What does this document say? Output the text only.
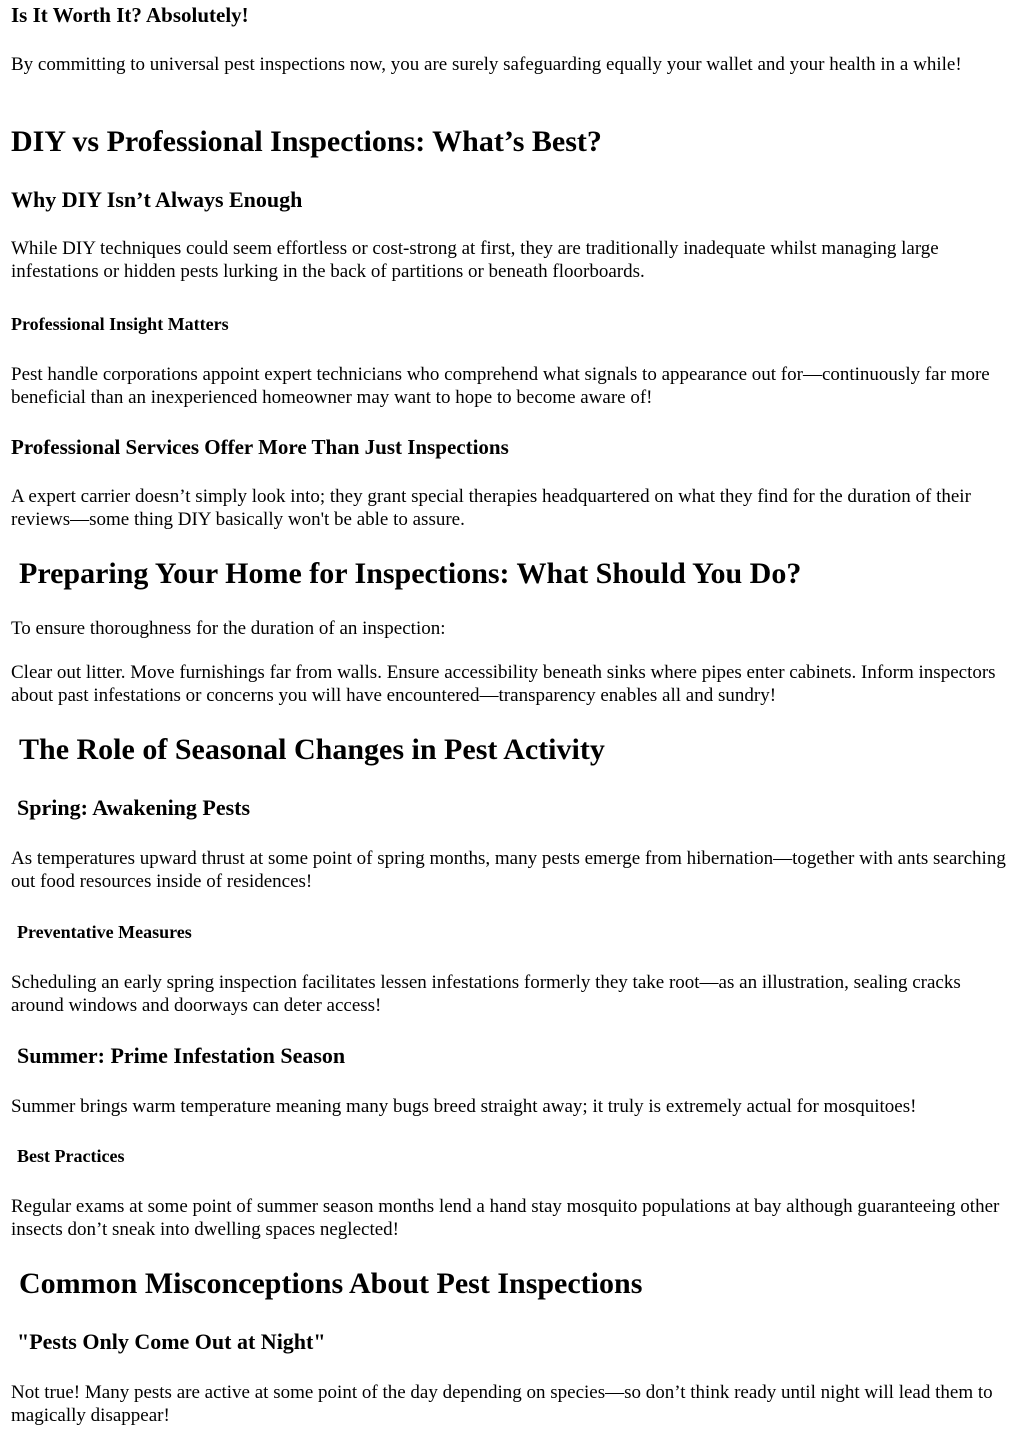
Is It Worth It? Absolutely!

By committing to universal pest inspections now, you are surely safeguarding equally your wallet and your health in a while!

DIY vs Professional Inspections: What’s Best?
Why DIY Isn’t Always Enough

While DIY techniques could seem effortless or cost-strong at first, they are traditionally inadequate whilst managing large infestations or hidden pests lurking in the back of partitions or beneath floorboards.

Professional Insight Matters

Pest handle corporations appoint expert technicians who comprehend what signals to appearance out for—continuously far more beneficial than an inexperienced homeowner may want to hope to become aware of!

Professional Services Offer More Than Just Inspections

A expert carrier doesn’t simply look into; they grant special therapies headquartered on what they find for the duration of their reviews—some thing DIY basically won't be able to assure.

Preparing Your Home for Inspections: What Should You Do?

To ensure thoroughness for the duration of an inspection:

Clear out litter. Move furnishings far from walls. Ensure accessibility beneath sinks where pipes enter cabinets. Inform inspectors about past infestations or concerns you will have encountered—transparency enables all and sundry!

The Role of Seasonal Changes in Pest Activity
Spring: Awakening Pests

As temperatures upward thrust at some point of spring months, many pests emerge from hibernation—together with ants searching out food resources inside of residences!

Preventative Measures

Scheduling an early spring inspection facilitates lessen infestations formerly they take root—as an illustration, sealing cracks around windows and doorways can deter access!

Summer: Prime Infestation Season

Summer brings warm temperature meaning many bugs breed straight away; it truly is extremely actual for mosquitoes!

Best Practices

Regular exams at some point of summer season months lend a hand stay mosquito populations at bay although guaranteeing other insects don’t sneak into dwelling spaces neglected!

Common Misconceptions About Pest Inspections
"Pests Only Come Out at Night"

Not true! Many pests are active at some point of the day depending on species—so don’t think ready until night will lead them to magically disappear!
